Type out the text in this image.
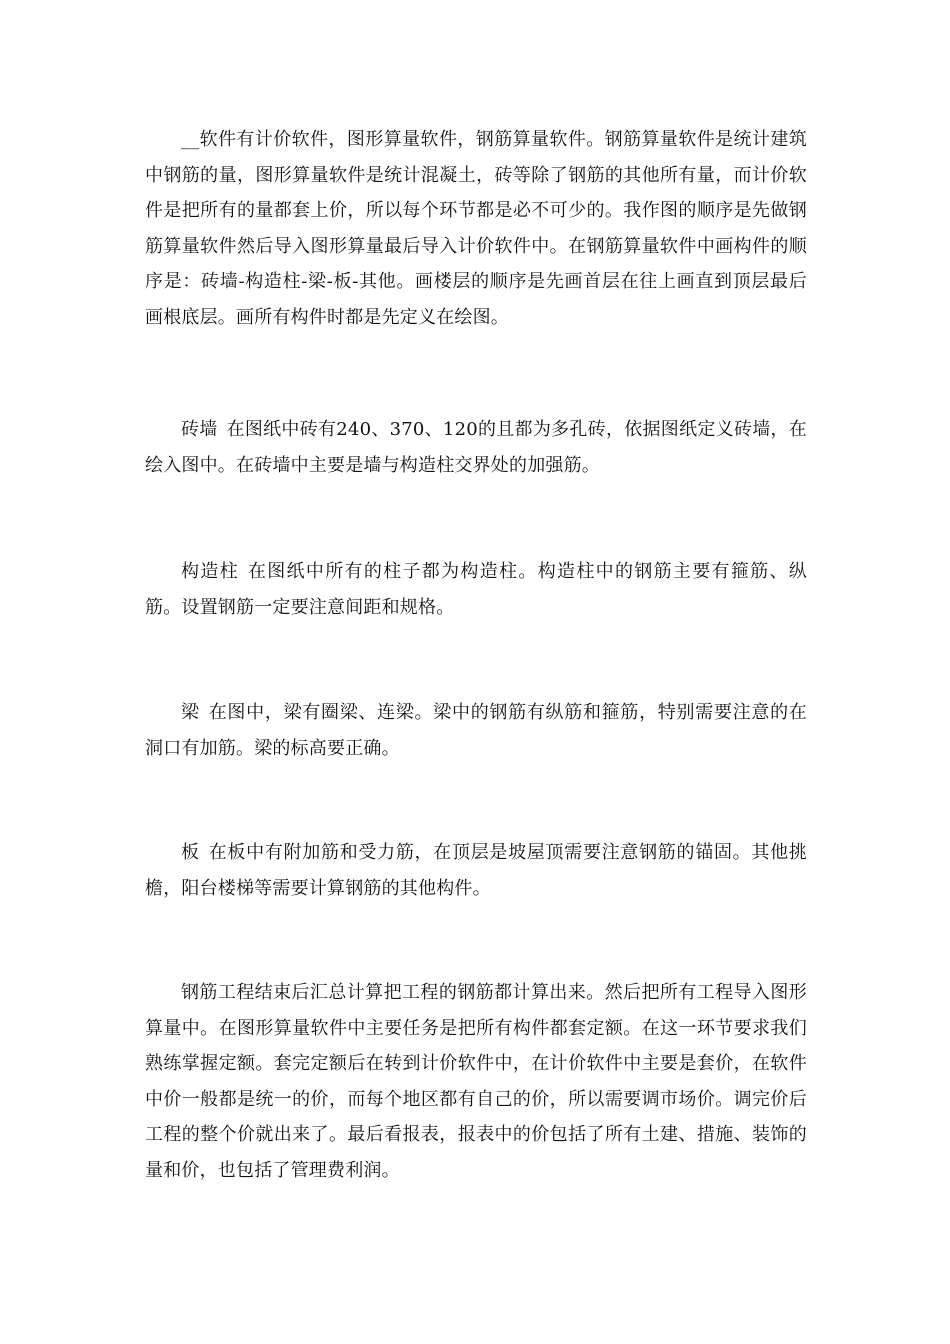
__软件有计价软件，图形算量软件，钢筋算量软件。钢筋算量软件是统计建筑中钢筋的量，图形算量软件是统计混凝土，砖等除了钢筋的其他所有量，而计价软件是把所有的量都套上价，所以每个环节都是必不可少的。我作图的顺序是先做钢筋算量软件然后导入图形算量最后导入计价软件中。在钢筋算量软件中画构件的顺序是：砖墙-构造柱-梁-板-其他。画楼层的顺序是先画首层在往上画直到顶层最后画根底层。画所有构件时都是先定义在绘图。

砖墙 在图纸中砖有240、370、120的且都为多孔砖，依据图纸定义砖墙，在绘入图中。在砖墙中主要是墙与构造柱交界处的加强筋。

构造柱 在图纸中所有的柱子都为构造柱。构造柱中的钢筋主要有箍筋、纵筋。设置钢筋一定要注意间距和规格。

梁 在图中，梁有圈梁、连梁。梁中的钢筋有纵筋和箍筋，特别需要注意的在洞口有加筋。梁的标高要正确。

板 在板中有附加筋和受力筋，在顶层是坡屋顶需要注意钢筋的锚固。其他挑檐，阳台楼梯等需要计算钢筋的其他构件。

钢筋工程结束后汇总计算把工程的钢筋都计算出来。然后把所有工程导入图形算量中。在图形算量软件中主要任务是把所有构件都套定额。在这一环节要求我们熟练掌握定额。套完定额后在转到计价软件中，在计价软件中主要是套价，在软件中价一般都是统一的价，而每个地区都有自己的价，所以需要调市场价。调完价后工程的整个价就出来了。最后看报表，报表中的价包括了所有土建、措施、装饰的量和价，也包括了管理费利润。
